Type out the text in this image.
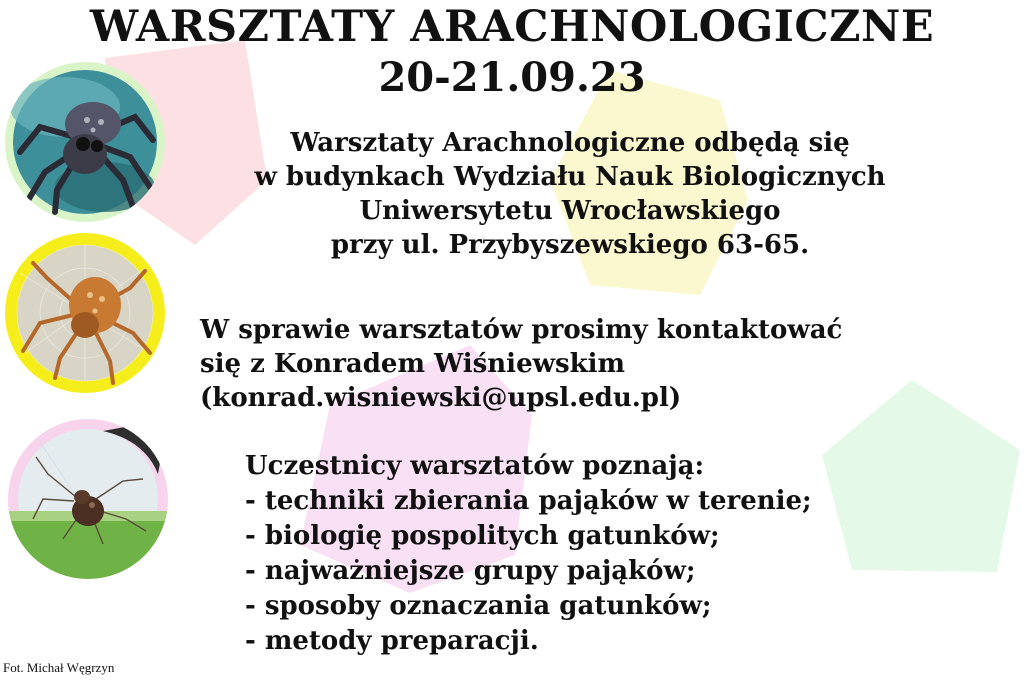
WARSZTATY ARACHNOLOGICZNE
20-21.09.23
Warsztaty Arachnologiczne odbędą się
w budynkach Wydziału Nauk Biologicznych
Uniwersytetu Wrocławskiego
przy ul. Przybyszewskiego 63-65.
W sprawie warsztatów prosimy kontaktować
się z Konradem Wiśniewskim
(konrad.wisniewski@upsl.edu.pl)
Uczestnicy warsztatów poznają:
- techniki zbierania pająków w terenie;
- biologię pospolitych gatunków;
- najważniejsze grupy pająków;
- sposoby oznaczania gatunków;
- metody preparacji.
Fot. Michał Węgrzyn
